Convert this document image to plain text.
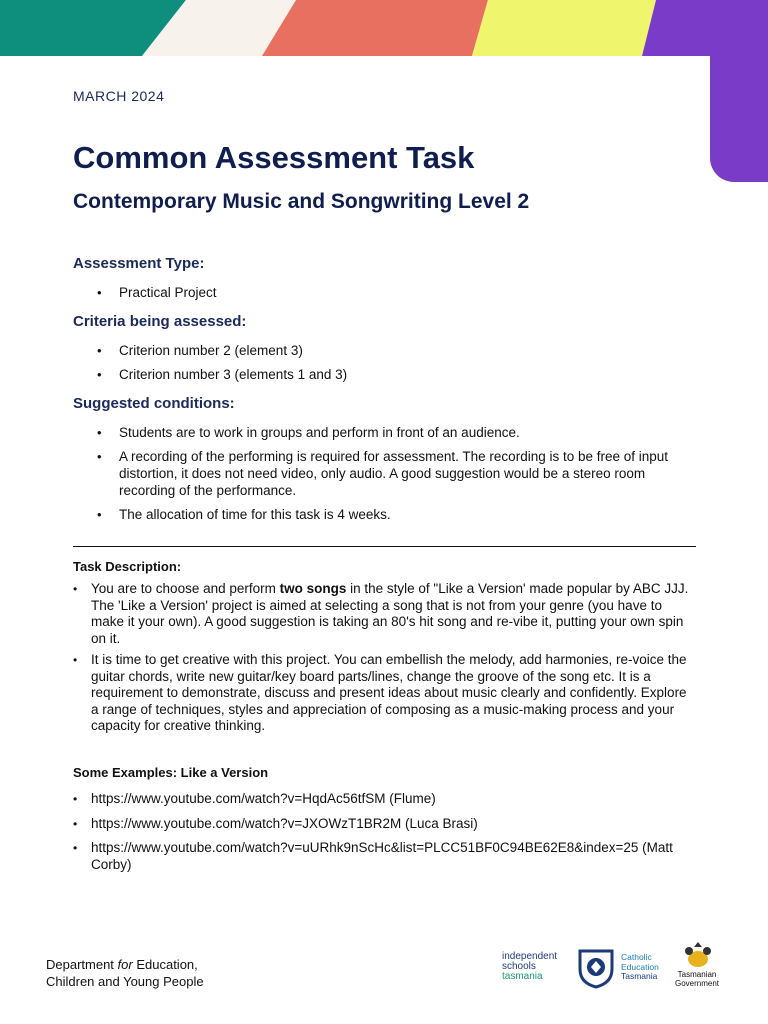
MARCH 2024
Common Assessment Task
Contemporary Music and Songwriting Level 2
Assessment Type:
• Practical Project
Criteria being assessed:
• Criterion number 2 (element 3)
• Criterion number 3 (elements 1 and 3)
Suggested conditions:
• Students are to work in groups and perform in front of an audience.
• A recording of the performing is required for assessment. The recording is to be free of input distortion, it does not need video, only audio. A good suggestion would be a stereo room recording of the performance.
• The allocation of time for this task is 4 weeks.
Task Description:
• You are to choose and perform two songs in the style of "Like a Version' made popular by ABC JJJ. The 'Like a Version' project is aimed at selecting a song that is not from your genre (you have to make it your own). A good suggestion is taking an 80's hit song and re-vibe it, putting your own spin on it.
• It is time to get creative with this project. You can embellish the melody, add harmonies, re-voice the guitar chords, write new guitar/key board parts/lines, change the groove of the song etc. It is a requirement to demonstrate, discuss and present ideas about music clearly and confidently. Explore a range of techniques, styles and appreciation of composing as a music-making process and your capacity for creative thinking.
Some Examples: Like a Version
• https://www.youtube.com/watch?v=HqdAc56tfSM (Flume)
• https://www.youtube.com/watch?v=JXOWzT1BR2M (Luca Brasi)
• https://www.youtube.com/watch?v=uURhk9nScHc&list=PLCC51BF0C94BE62E8&index=25 (Matt Corby)
Department for Education,
Children and Young People
independent
schools
tasmania
Catholic
Education
Tasmania	Tasmanian
Government
